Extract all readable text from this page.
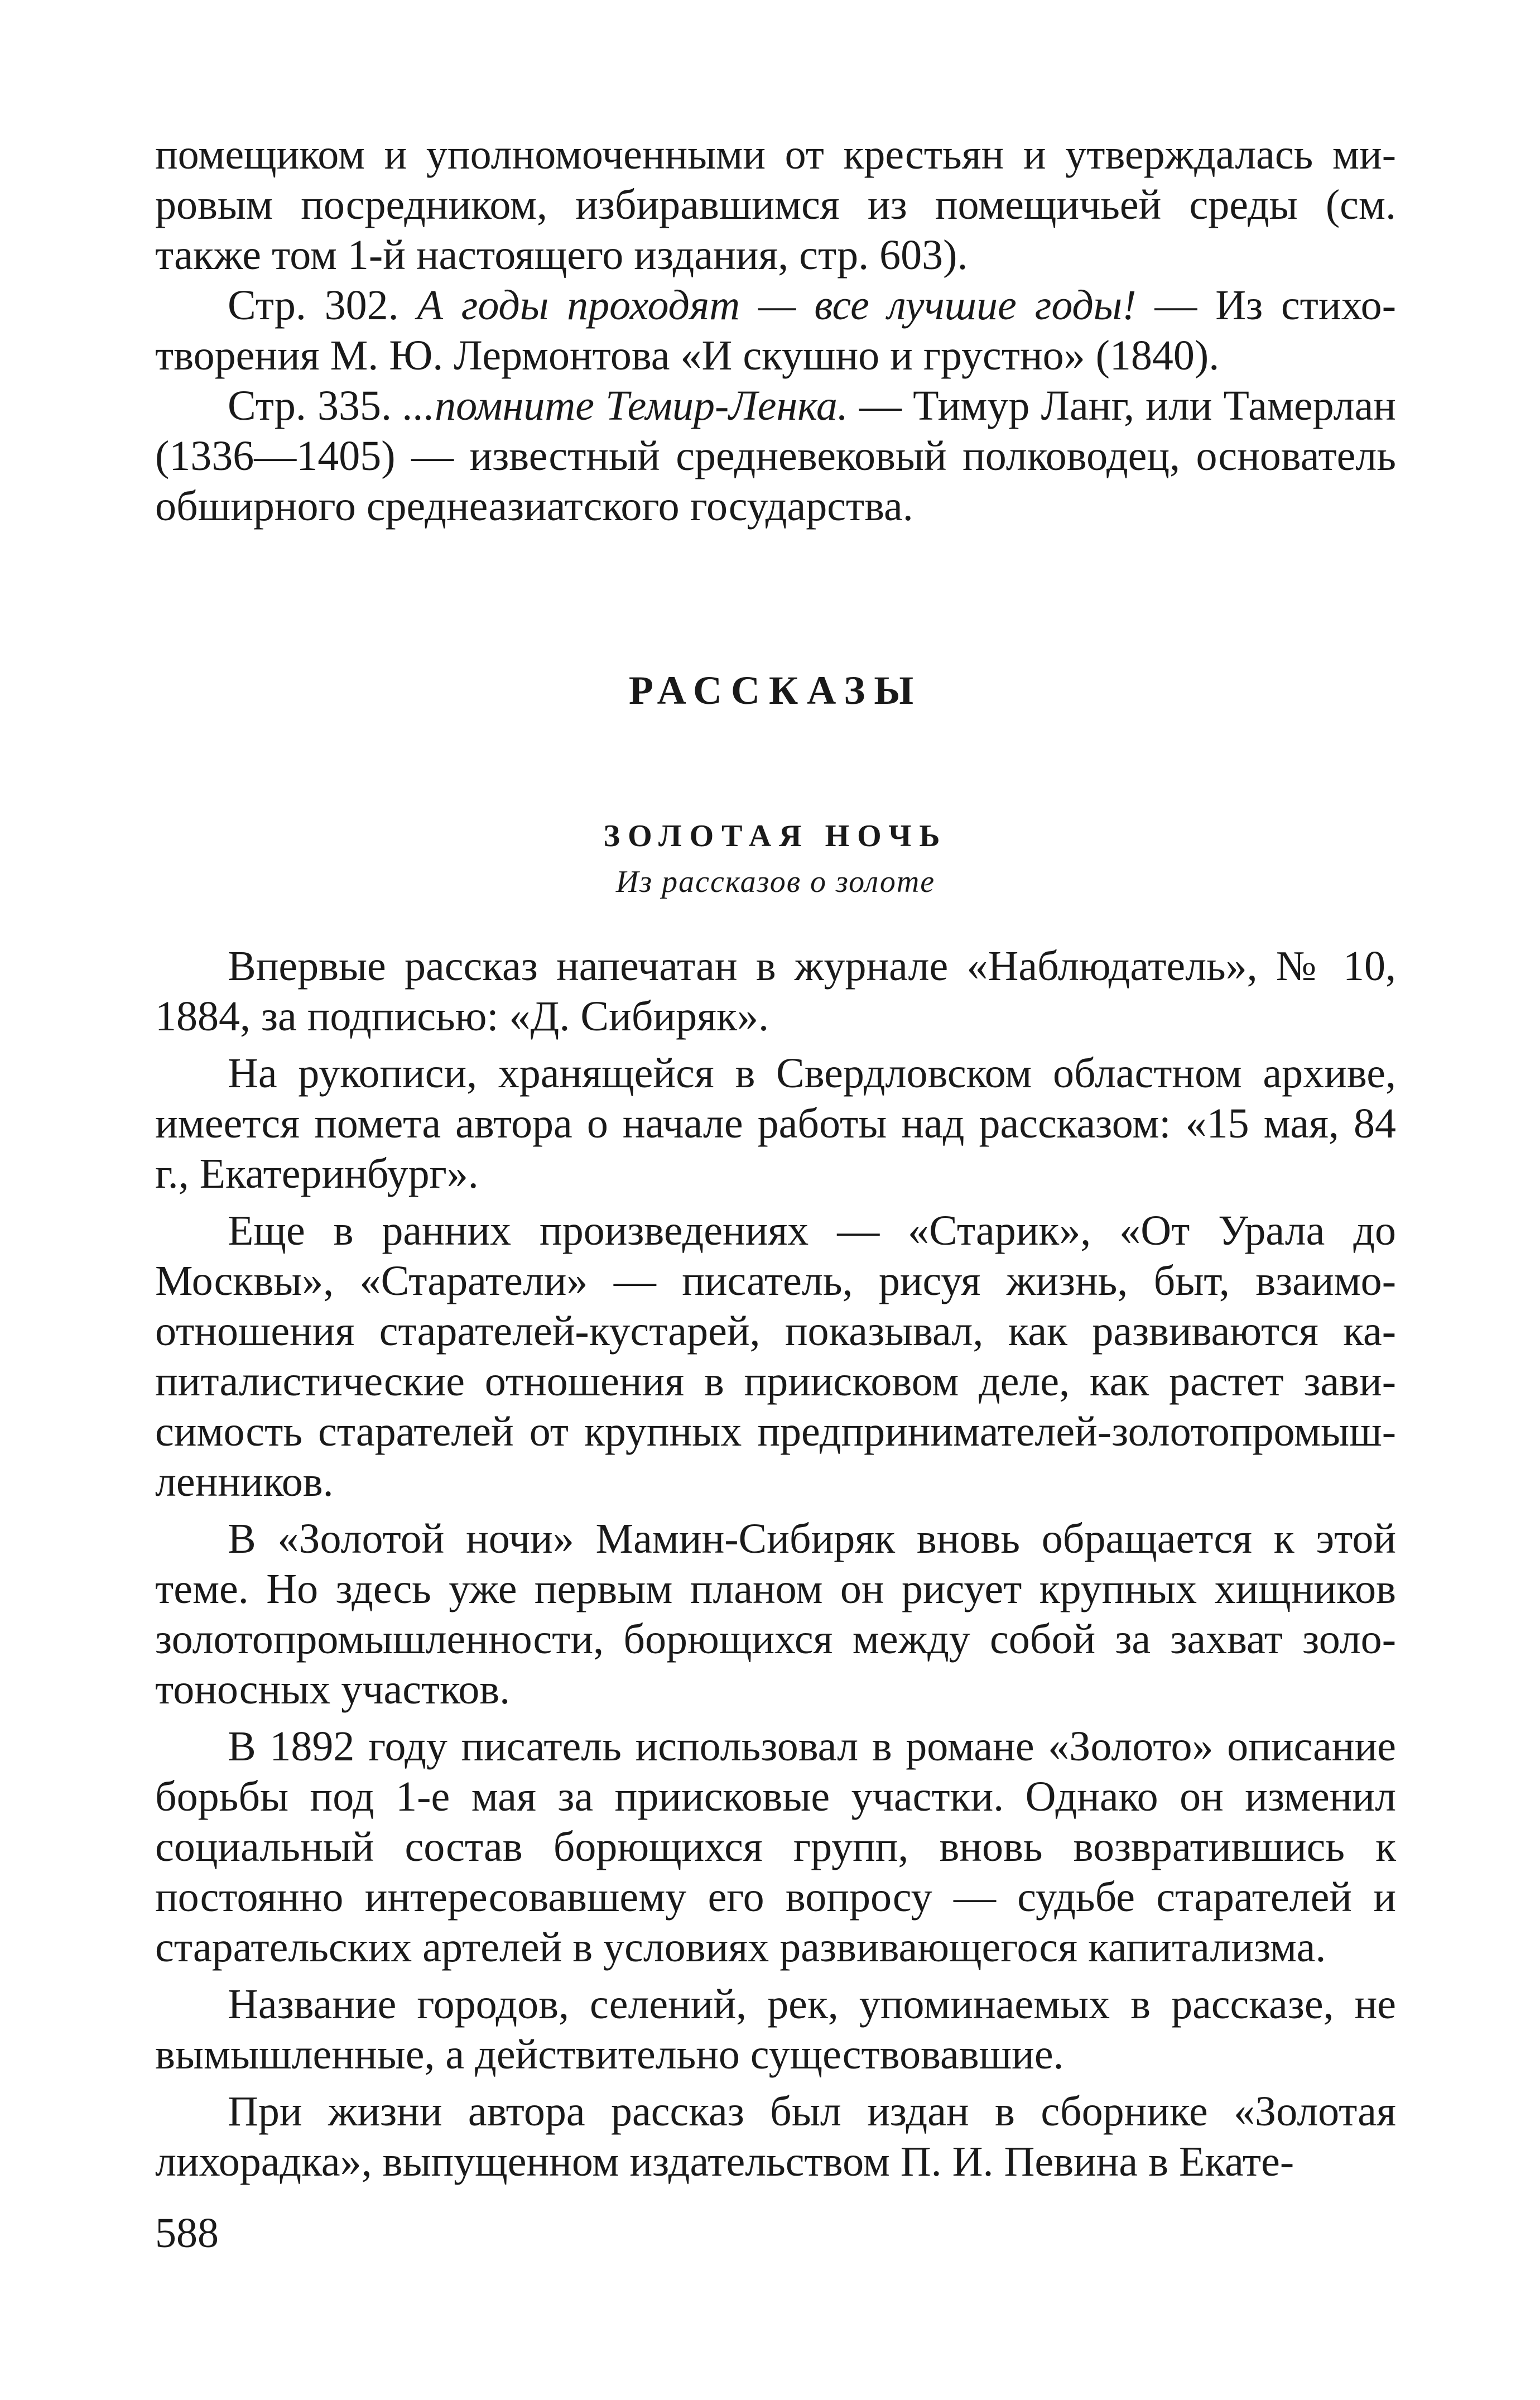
помещиком и уполномоченными от крестьян и утверждалась мировым посредником, избиравшимся из помещичьей среды (см. также том 1-й настоящего издания, стр. 603).

Стр. 302. А годы проходят — все лучшие годы! — Из стихотворения М. Ю. Лермонтова «И скушно и грустно» (1840).

Стр. 335. ...помните Темир-Ленка. — Тимур Ланг, или Тамерлан (1336—1405) — известный средневековый полководец, основатель обширного среднеазиатского государства.

РАССКАЗЫ
ЗОЛОТАЯ НОЧЬ

Из рассказов о золоте

Впервые рассказ напечатан в журнале «Наблюдатель», № 10, 1884, за подписью: «Д. Сибиряк».

На рукописи, хранящейся в Свердловском областном архиве, имеется помета автора о начале работы над рассказом: «15 мая, 84 г., Екатеринбург».

Еще в ранних произведениях — «Старик», «От Урала до Москвы», «Старатели» — писатель, рисуя жизнь, быт, взаимоотношения старателей-кустарей, показывал, как развиваются капиталистические отношения в приисковом деле, как растет зависимость старателей от крупных предпринимателей-золотопромышленников.

В «Золотой ночи» Мамин-Сибиряк вновь обращается к этой теме. Но здесь уже первым планом он рисует крупных хищников золотопромышленности, борющихся между собой за захват золотоносных участков.

В 1892 году писатель использовал в романе «Золото» описание борьбы под 1-е мая за приисковые участки. Однако он изменил социальный состав борющихся групп, вновь возвратившись к постоянно интересовавшему его вопросу — судьбе старателей и старательских артелей в условиях развивающегося капитализма.

Название городов, селений, рек, упоминаемых в рассказе, не вымышленные, а действительно существовавшие.

При жизни автора рассказ был издан в сборнике «Золотая лихорадка», выпущенном издательством П. И. Певина в Екате-

588
